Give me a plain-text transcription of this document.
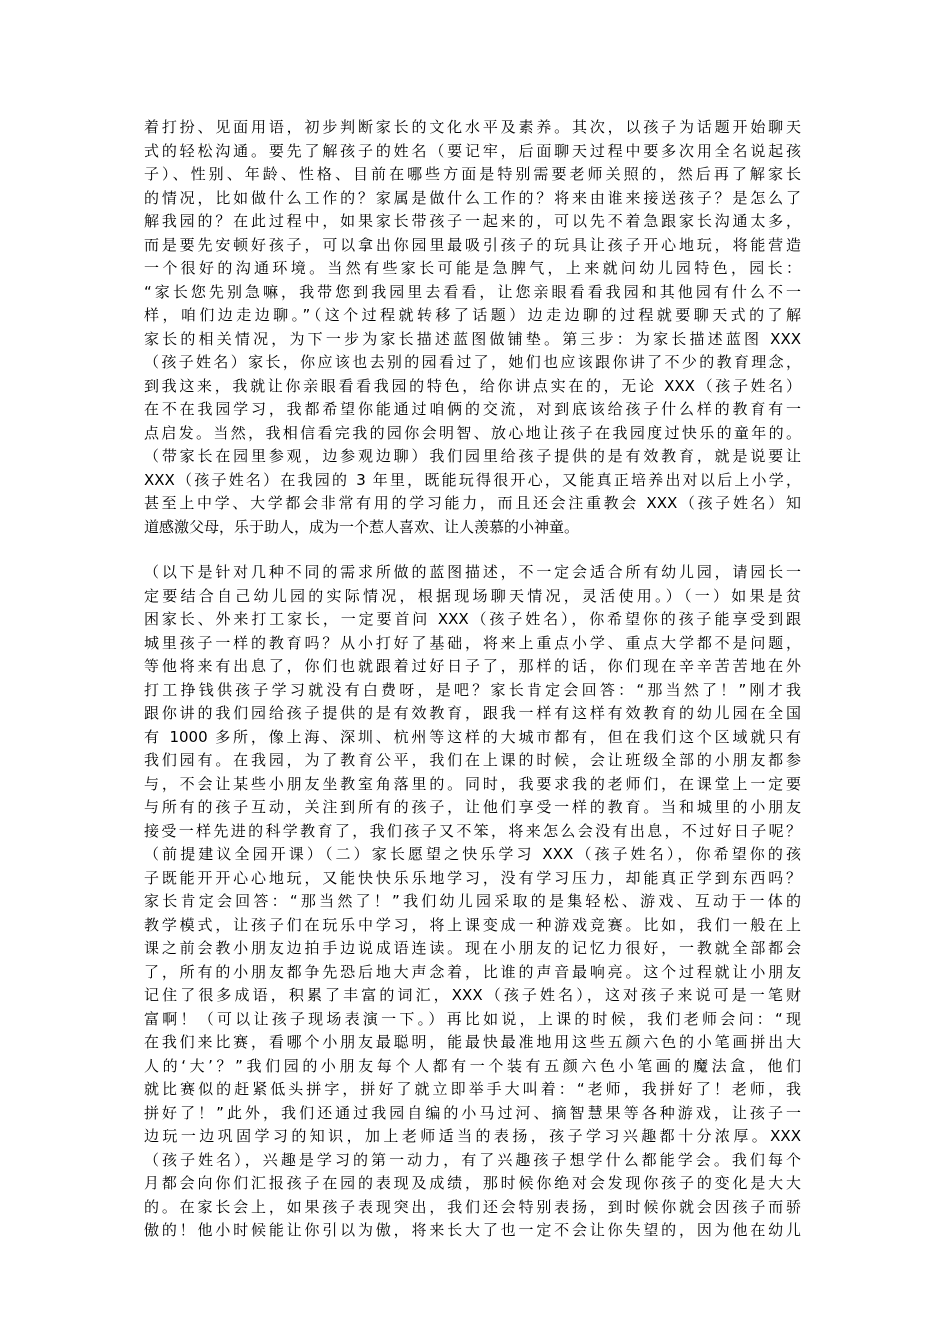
着打扮、见面用语，初步判断家长的文化水平及素养。其次，以孩子为话题开始聊天
式的轻松沟通。要先了解孩子的姓名（要记牢，后面聊天过程中要多次用全名说起孩
子）、性别、年龄、性格、目前在哪些方面是特别需要老师关照的，然后再了解家长
的情况，比如做什么工作的？家属是做什么工作的？将来由谁来接送孩子？是怎么了
解我园的？在此过程中，如果家长带孩子一起来的，可以先不着急跟家长沟通太多，
而是要先安顿好孩子，可以拿出你园里最吸引孩子的玩具让孩子开心地玩，将能营造
一个很好的沟通环境。当然有些家长可能是急脾气，上来就问幼儿园特色，园长：
“家长您先别急嘛，我带您到我园里去看看，让您亲眼看看我园和其他园有什么不一
样，咱们边走边聊。”（这个过程就转移了话题）边走边聊的过程就要聊天式的了解
家长的相关情况，为下一步为家长描述蓝图做铺垫。第三步：为家长描述蓝图 XXX
（孩子姓名）家长，你应该也去别的园看过了，她们也应该跟你讲了不少的教育理念，
到我这来，我就让你亲眼看看我园的特色，给你讲点实在的，无论 XXX（孩子姓名）
在不在我园学习，我都希望你能通过咱俩的交流，对到底该给孩子什么样的教育有一
点启发。当然，我相信看完我的园你会明智、放心地让孩子在我园度过快乐的童年的。
（带家长在园里参观，边参观边聊）我们园里给孩子提供的是有效教育，就是说要让
XXX（孩子姓名）在我园的 3 年里，既能玩得很开心，又能真正培养出对以后上小学，
甚至上中学、大学都会非常有用的学习能力，而且还会注重教会 XXX（孩子姓名）知
道感激父母，乐于助人，成为一个惹人喜欢、让人羡慕的小神童。
（以下是针对几种不同的需求所做的蓝图描述，不一定会适合所有幼儿园，请园长一
定要结合自己幼儿园的实际情况，根据现场聊天情况，灵活使用。）（一）如果是贫
困家长、外来打工家长，一定要首问 XXX（孩子姓名），你希望你的孩子能享受到跟
城里孩子一样的教育吗？从小打好了基础，将来上重点小学、重点大学都不是问题，
等他将来有出息了，你们也就跟着过好日子了，那样的话，你们现在辛辛苦苦地在外
打工挣钱供孩子学习就没有白费呀，是吧？家长肯定会回答：“那当然了！”刚才我
跟你讲的我们园给孩子提供的是有效教育，跟我一样有这样有效教育的幼儿园在全国
有 1000 多所，像上海、深圳、杭州等这样的大城市都有，但在我们这个区域就只有
我们园有。在我园，为了教育公平，我们在上课的时候，会让班级全部的小朋友都参
与，不会让某些小朋友坐教室角落里的。同时，我要求我的老师们，在课堂上一定要
与所有的孩子互动，关注到所有的孩子，让他们享受一样的教育。当和城里的小朋友
接受一样先进的科学教育了，我们孩子又不笨，将来怎么会没有出息，不过好日子呢？
（前提建议全园开课）（二）家长愿望之快乐学习 XXX（孩子姓名），你希望你的孩
子既能开开心心地玩，又能快快乐乐地学习，没有学习压力，却能真正学到东西吗？
家长肯定会回答：“那当然了！”我们幼儿园采取的是集轻松、游戏、互动于一体的
教学模式，让孩子们在玩乐中学习，将上课变成一种游戏竞赛。比如，我们一般在上
课之前会教小朋友边拍手边说成语连读。现在小朋友的记忆力很好，一教就全部都会
了，所有的小朋友都争先恐后地大声念着，比谁的声音最响亮。这个过程就让小朋友
记住了很多成语，积累了丰富的词汇，XXX（孩子姓名），这对孩子来说可是一笔财
富啊！（可以让孩子现场表演一下。）再比如说，上课的时候，我们老师会问：“现
在我们来比赛，看哪个小朋友最聪明，能最快最准地用这些五颜六色的小笔画拼出大
人的‘大’？”我们园的小朋友每个人都有一个装有五颜六色小笔画的魔法盒，他们
就比赛似的赶紧低头拼字，拼好了就立即举手大叫着：“老师，我拼好了！老师，我
拼好了！”此外，我们还通过我园自编的小马过河、摘智慧果等各种游戏，让孩子一
边玩一边巩固学习的知识，加上老师适当的表扬，孩子学习兴趣都十分浓厚。XXX
（孩子姓名），兴趣是学习的第一动力，有了兴趣孩子想学什么都能学会。我们每个
月都会向你们汇报孩子在园的表现及成绩，那时候你绝对会发现你孩子的变化是大大
的。在家长会上，如果孩子表现突出，我们还会特别表扬，到时候你就会因孩子而骄
傲的！他小时候能让你引以为傲，将来长大了也一定不会让你失望的，因为他在幼儿
